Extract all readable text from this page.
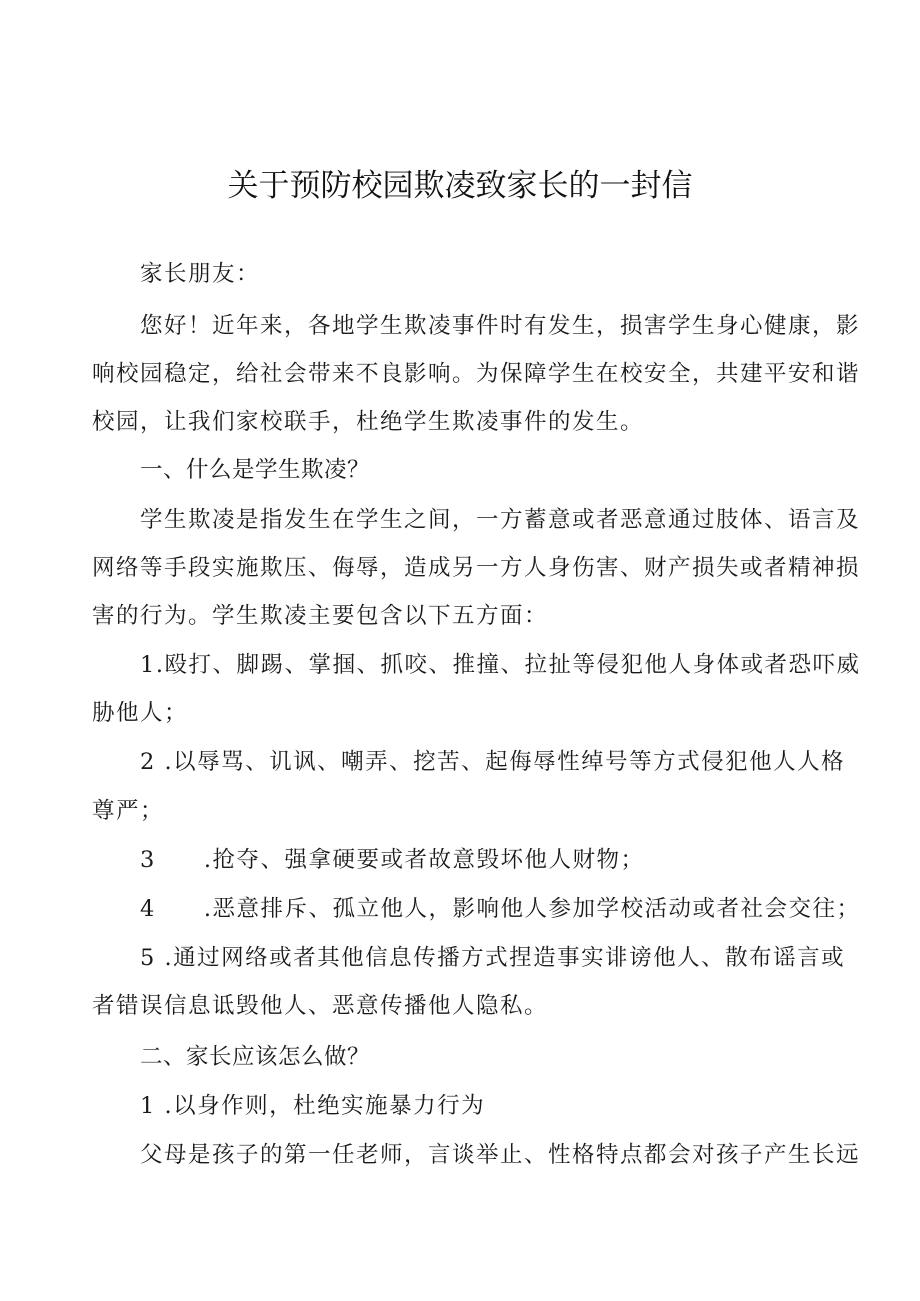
关于预防校园欺凌致家长的一封信
家长朋友：
您好！近年来，各地学生欺凌事件时有发生，损害学生身心健康，影
响校园稳定，给社会带来不良影响。为保障学生在校安全，共建平安和谐
校园，让我们家校联手，杜绝学生欺凌事件的发生。
一、什么是学生欺凌？
学生欺凌是指发生在学生之间，一方蓄意或者恶意通过肢体、语言及
网络等手段实施欺压、侮辱，造成另一方人身伤害、财产损失或者精神损
害的行为。学生欺凌主要包含以下五方面：
1.殴打、脚踢、掌掴、抓咬、推撞、拉扯等侵犯他人身体或者恐吓威
胁他人；
2 .以辱骂、讥讽、嘲弄、挖苦、起侮辱性绰号等方式侵犯他人人格
尊严；
3　　.抢夺、强拿硬要或者故意毁坏他人财物；
4　　.恶意排斥、孤立他人，影响他人参加学校活动或者社会交往；
5 .通过网络或者其他信息传播方式捏造事实诽谤他人、散布谣言或
者错误信息诋毁他人、恶意传播他人隐私。
二、家长应该怎么做？
1 .以身作则，杜绝实施暴力行为
父母是孩子的第一任老师，言谈举止、性格特点都会对孩子产生长远
